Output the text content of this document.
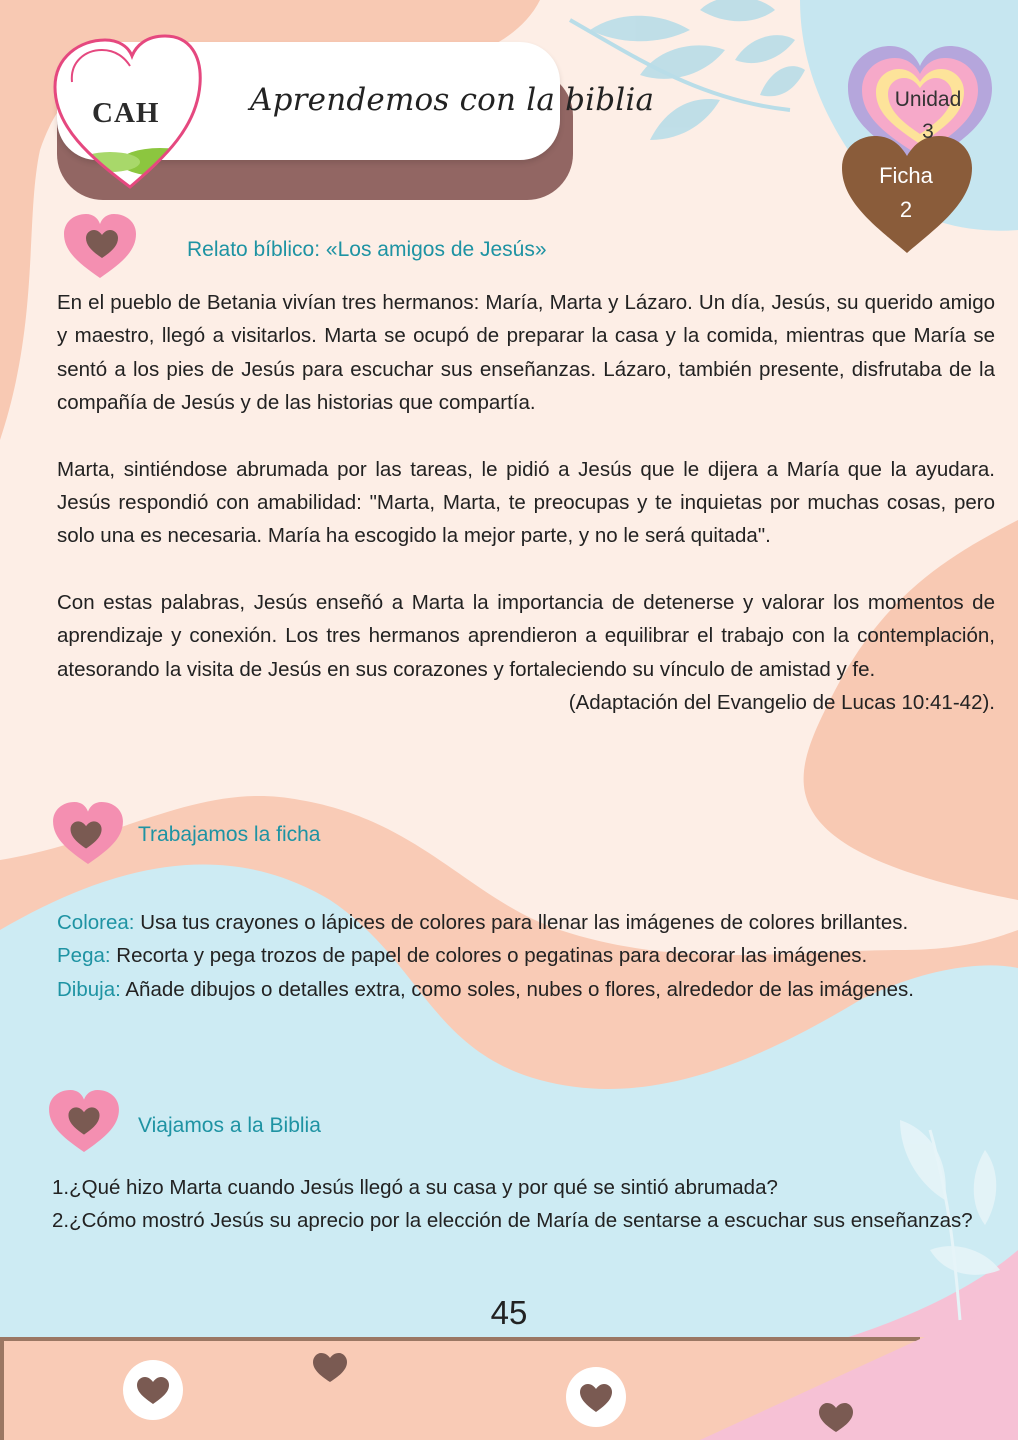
CAH	Aprendemos con la biblia	Unidad
3
Ficha
2
Relato bíblico: «Los amigos de Jesús»
Trabajamos la ficha
Viajamos a la Biblia

En el pueblo de Betania vivían tres hermanos: María, Marta y Lázaro. Un día, Jesús, su querido amigo y maestro, llegó a visitarlos. Marta se ocupó de preparar la casa y la comida, mientras que María se sentó a los pies de Jesús para escuchar sus enseñanzas. Lázaro, también presente, disfrutaba de la compañía de Jesús y de las historias que compartía.

Marta, sintiéndose abrumada por las tareas, le pidió a Jesús que le dijera a María que la ayudara. Jesús respondió con amabilidad: "Marta, Marta, te preocupas y te inquietas por muchas cosas, pero solo una es necesaria. María ha escogido la mejor parte, y no le será quitada".

Con estas palabras, Jesús enseñó a Marta la importancia de detenerse y valorar los momentos de aprendizaje y conexión. Los tres hermanos aprendieron a equilibrar el trabajo con la contemplación, atesorando la visita de Jesús en sus corazones y fortaleciendo su vínculo de amistad y fe.

(Adaptación del Evangelio de Lucas 10:41-42).

Colorea: Usa tus crayones o lápices de colores para llenar las imágenes de colores brillantes.

Pega: Recorta y pega trozos de papel de colores o pegatinas para decorar las imágenes.

Dibuja: Añade dibujos o detalles extra, como soles, nubes o flores, alrededor de las imágenes.

1.¿Qué hizo Marta cuando Jesús llegó a su casa y por qué se sintió abrumada?

2.¿Cómo mostró Jesús su aprecio por la elección de María de sentarse a escuchar sus enseñanzas?

45
